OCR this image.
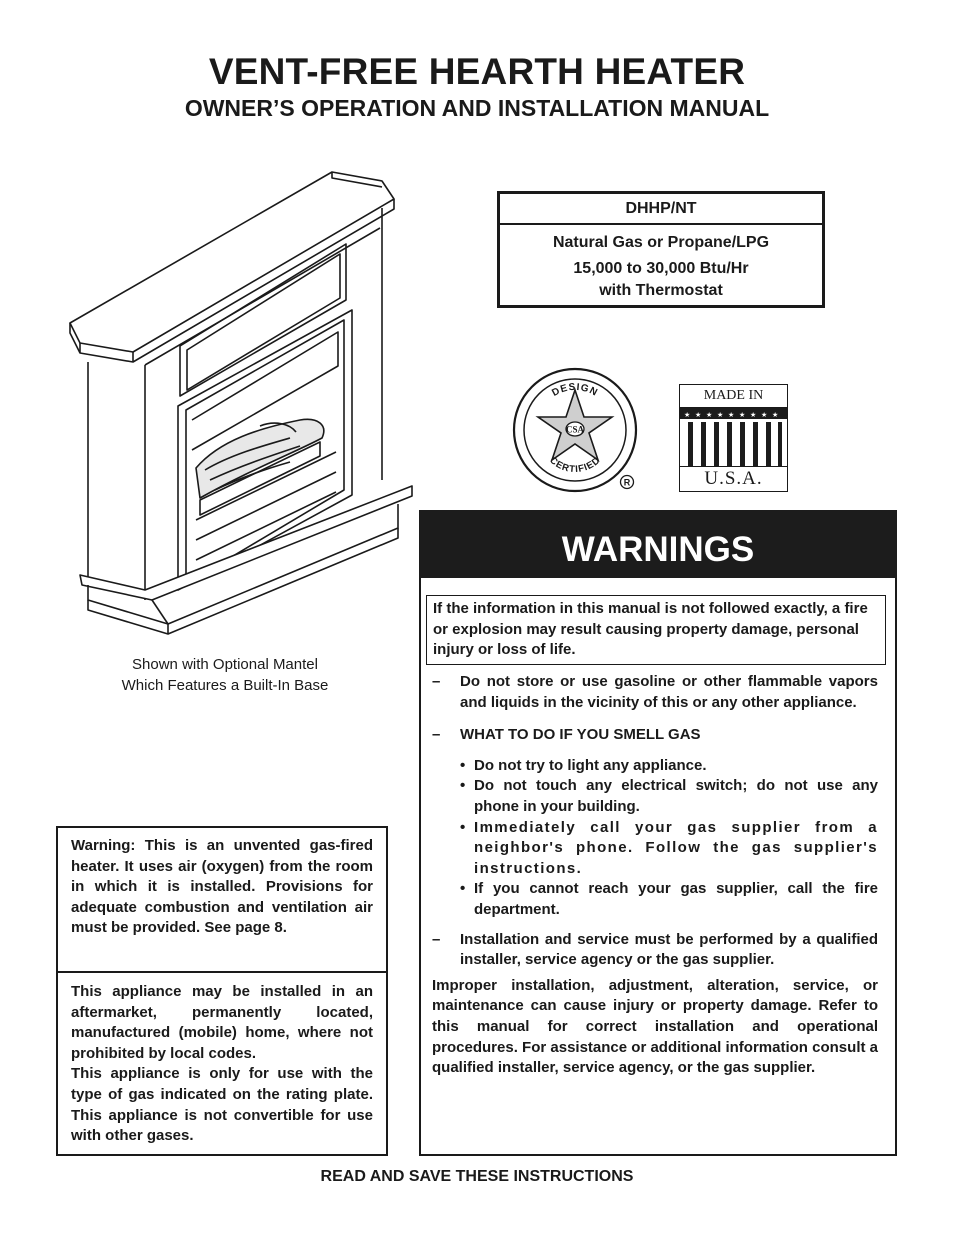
VENT-FREE HEARTH HEATER
OWNER’S OPERATION AND INSTALLATION MANUAL
Shown with Optional Mantel
Which Features a Built-In Base
DHHP/NT
Natural Gas or Propane/LPG
15,000 to 30,000 Btu/Hr
with Thermostat
CSA
DESIGN
CERTIFIED
R
MADE IN
★ ★ ★ ★ ★ ★ ★ ★ ★
U.S.A.

Warning: This is an unvented gas-fired heater. It uses air (oxygen) from the room in which it is installed. Provisions for adequate combustion and ventilation air must be provided. See page 8.

This appliance may be installed in an aftermarket, permanently located, manufactured (mobile) home, where not prohibited by local codes.

This appliance is only for use with the type of gas indicated on the rating plate. This appliance is not convertible for use with other gases.

WARNINGS
If the information in this manual is not followed exactly, a fire or explosion may result causing property damage, personal injury or loss of life.
–	Do not store or use gasoline or other flammable vapors and liquids in the vicinity of this or any other appliance.
–	WHAT TO DO IF YOU SMELL GAS
• Do not try to light any appliance.
• Do not touch any electrical switch; do not use any phone in your building.
• Immediately call your gas supplier from a neighbor's phone. Follow the gas supplier's instructions.
• If you cannot reach your gas supplier, call the fire department.
–	Installation and service must be performed by a qualified installer, service agency or the gas supplier.
Improper installation, adjustment, alteration, service, or maintenance can cause injury or property damage. Refer to this manual for correct installation and operational procedures. For assistance or additional information consult a qualified installer, service agency, or the gas supplier.
READ AND SAVE THESE INSTRUCTIONS
